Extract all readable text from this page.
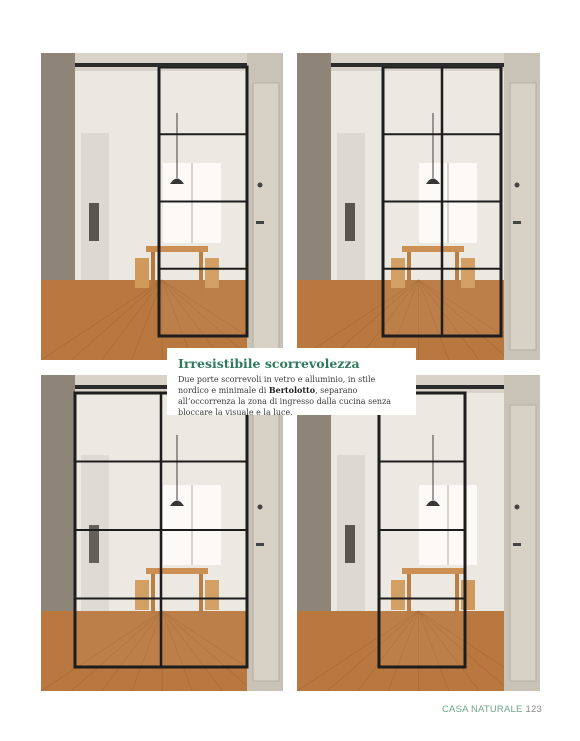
Irresistibile scorrevolezza

Due porte scorrevoli in vetro e alluminio, in stile nordico e minimale di Bertolotto, separano all’occorrenza la zona di ingresso dalla cucina senza bloccare la visuale e la luce.

CASA NATURALE 123
